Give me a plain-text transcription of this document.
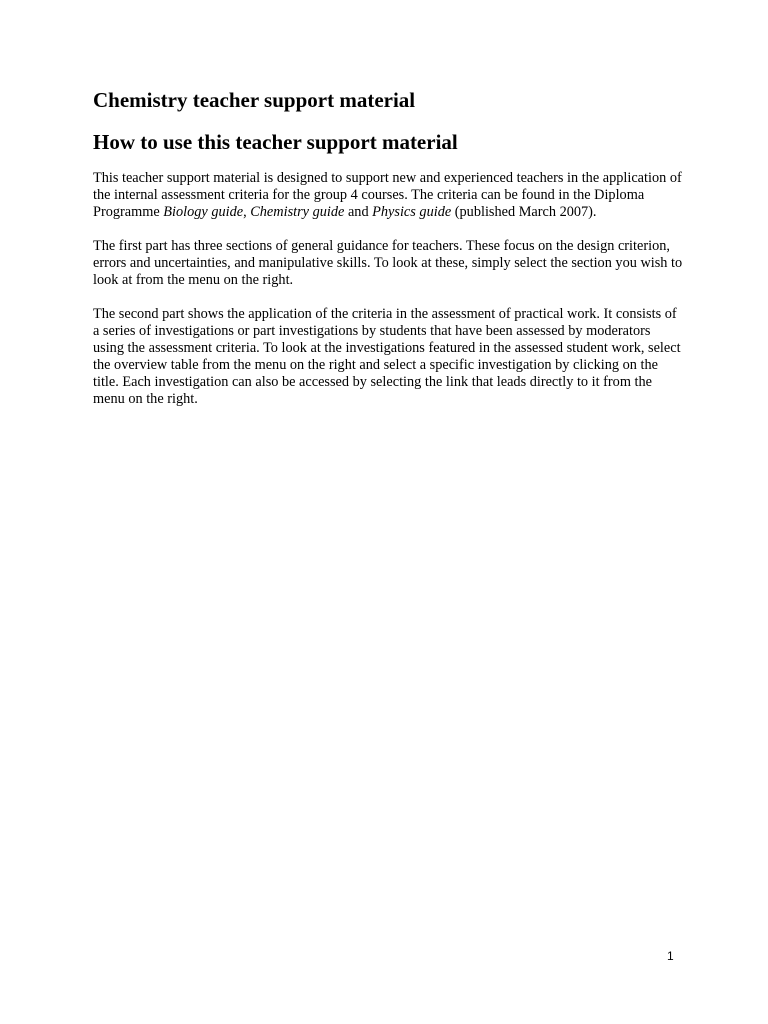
Chemistry teacher support material
How to use this teacher support material

This teacher support material is designed to support new and experienced teachers in the application of the internal assessment criteria for the group 4 courses. The criteria can be found in the Diploma Programme Biology guide, Chemistry guide and Physics guide (published March 2007).

The first part has three sections of general guidance for teachers. These focus on the design criterion, errors and uncertainties, and manipulative skills. To look at these, simply select the section you wish to look at from the menu on the right.

The second part shows the application of the criteria in the assessment of practical work. It consists of a series of investigations or part investigations by students that have been assessed by moderators using the assessment criteria. To look at the investigations featured in the assessed student work, select the overview table from the menu on the right and select a specific investigation by clicking on the title. Each investigation can also be accessed by selecting the link that leads directly to it from the menu on the right.

1
